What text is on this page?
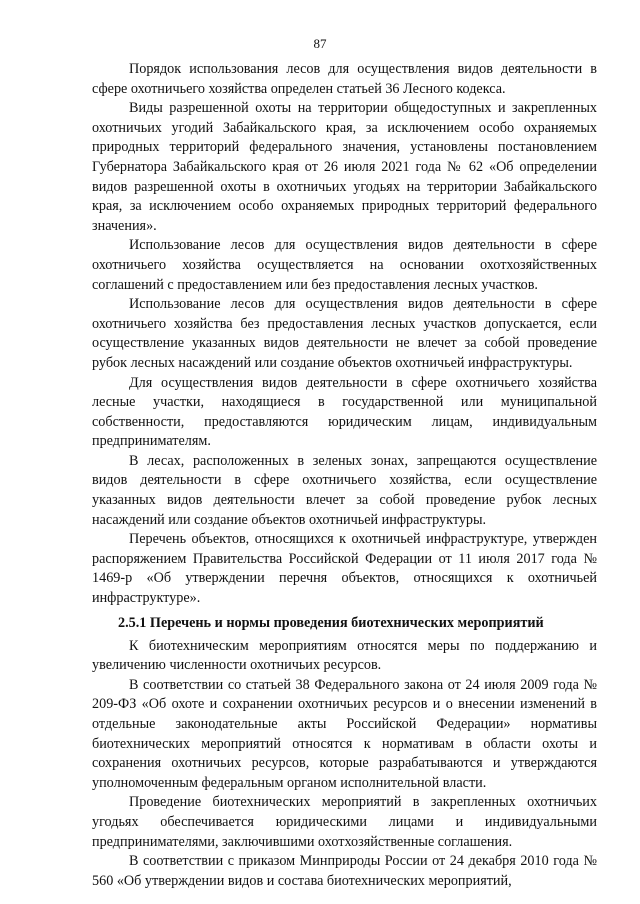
87

Порядок использования лесов для осуществления видов деятельности в сфере охотничьего хозяйства определен статьей 36 Лесного кодекса.

Виды разрешенной охоты на территории общедоступных и закрепленных охотничьих угодий Забайкальского края, за исключением особо охраняемых природных территорий федерального значения, установлены постановлением Губернатора Забайкальского края от 26 июля 2021 года № 62 «Об определении видов разрешенной охоты в охотничьих угодьях на территории Забайкальского края, за исключением особо охраняемых природных территорий федерального значения».

Использование лесов для осуществления видов деятельности в сфере охотничьего хозяйства осуществляется на основании охотхозяйственных соглашений с предоставлением или без предоставления лесных участков.

Использование лесов для осуществления видов деятельности в сфере охотничьего хозяйства без предоставления лесных участков допускается, если осуществление указанных видов деятельности не влечет за собой проведение рубок лесных насаждений или создание объектов охотничьей инфраструктуры.

Для осуществления видов деятельности в сфере охотничьего хозяйства лесные участки, находящиеся в государственной или муниципальной собственности, предоставляются юридическим лицам, индивидуальным предпринимателям.

В лесах, расположенных в зеленых зонах, запрещаются осуществление видов деятельности в сфере охотничьего хозяйства, если осуществление указанных видов деятельности влечет за собой проведение рубок лесных насаждений или создание объектов охотничьей инфраструктуры.

Перечень объектов, относящихся к охотничьей инфраструктуре, утвержден распоряжением Правительства Российской Федерации от 11 июля 2017 года № 1469-р «Об утверждении перечня объектов, относящихся к охотничьей инфраструктуре».

2.5.1 Перечень и нормы проведения биотехнических мероприятий

К биотехническим мероприятиям относятся меры по поддержанию и увеличению численности охотничьих ресурсов.

В соответствии со статьей 38 Федерального закона от 24 июля 2009 года № 209-ФЗ «Об охоте и сохранении охотничьих ресурсов и о внесении изменений в отдельные законодательные акты Российской Федерации» нормативы биотехнических мероприятий относятся к нормативам в области охоты и сохранения охотничьих ресурсов, которые разрабатываются и утверждаются уполномоченным федеральным органом исполнительной власти.

Проведение биотехнических мероприятий в закрепленных охотничьих угодьях обеспечивается юридическими лицами и индивидуальными предпринимателями, заключившими охотхозяйственные соглашения.

В соответствии с приказом Минприроды России от 24 декабря 2010 года № 560 «Об утверждении видов и состава биотехнических мероприятий,
